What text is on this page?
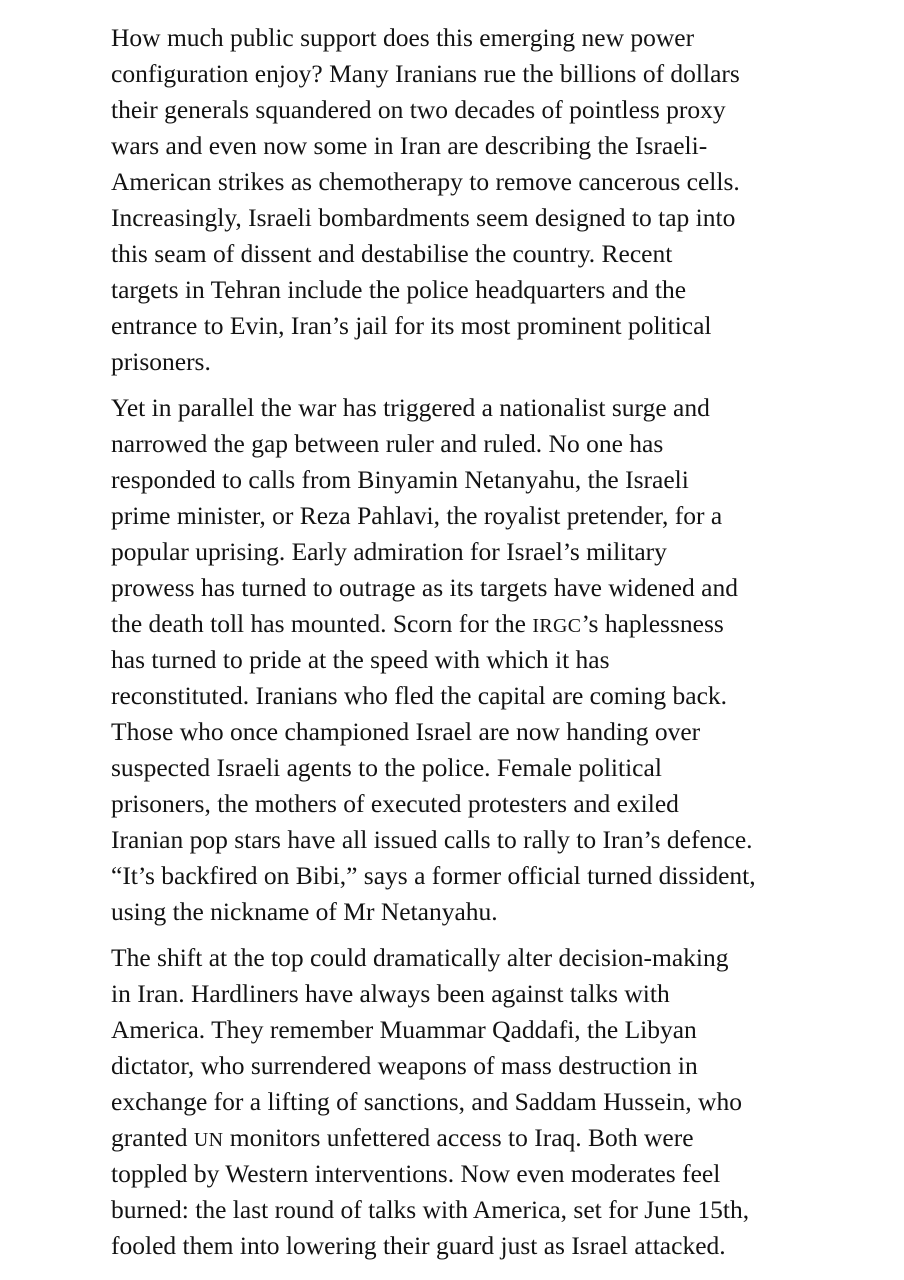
How much public support does this emerging new power
configuration enjoy? Many Iranians rue the billions of dollars
their generals squandered on two decades of pointless proxy
wars and even now some in Iran are describing the Israeli-
American strikes as chemotherapy to remove cancerous cells.
Increasingly, Israeli bombardments seem designed to tap into
this seam of dissent and destabilise the country. Recent
targets in Tehran include the police headquarters and the
entrance to Evin, Iran’s jail for its most prominent political
prisoners.

Yet in parallel the war has triggered a nationalist surge and
narrowed the gap between ruler and ruled. No one has
responded to calls from Binyamin Netanyahu, the Israeli
prime minister, or Reza Pahlavi, the royalist pretender, for a
popular uprising. Early admiration for Israel’s military
prowess has turned to outrage as its targets have widened and
the death toll has mounted. Scorn for the IRGC’s haplessness
has turned to pride at the speed with which it has
reconstituted. Iranians who fled the capital are coming back.
Those who once championed Israel are now handing over
suspected Israeli agents to the police. Female political
prisoners, the mothers of executed protesters and exiled
Iranian pop stars have all issued calls to rally to Iran’s defence.
“It’s backfired on Bibi,” says a former official turned dissident,
using the nickname of Mr Netanyahu.

The shift at the top could dramatically alter decision-making
in Iran. Hardliners have always been against talks with
America. They remember Muammar Qaddafi, the Libyan
dictator, who surrendered weapons of mass destruction in
exchange for a lifting of sanctions, and Saddam Hussein, who
granted UN monitors unfettered access to Iraq. Both were
toppled by Western interventions. Now even moderates feel
burned: the last round of talks with America, set for June 15th,
fooled them into lowering their guard just as Israel attacked.
